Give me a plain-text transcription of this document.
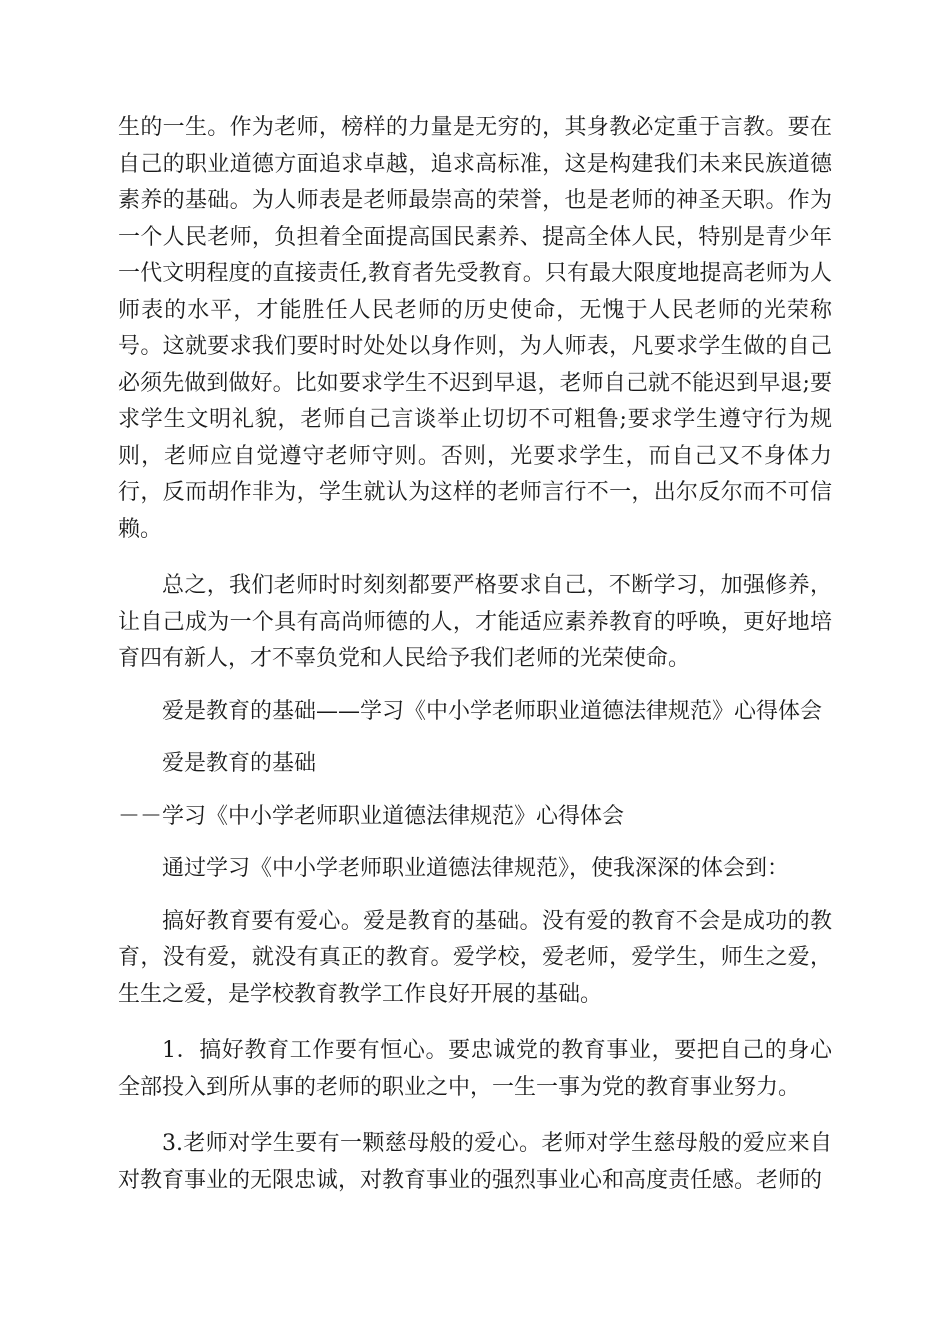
生的一生。作为老师，榜样的力量是无穷的，其身教必定重于言教。要在自己的职业道德方面追求卓越，追求高标准，这是构建我们未来民族道德素养的基础。为人师表是老师最崇高的荣誉，也是老师的神圣天职。作为一个人民老师，负担着全面提高国民素养、提高全体人民，特别是青少年一代文明程度的直接责任,教育者先受教育。只有最大限度地提高老师为人师表的水平，才能胜任人民老师的历史使命，无愧于人民老师的光荣称号。这就要求我们要时时处处以身作则，为人师表，凡要求学生做的自己必须先做到做好。比如要求学生不迟到早退，老师自己就不能迟到早退;要求学生文明礼貌，老师自己言谈举止切切不可粗鲁;要求学生遵守行为规则，老师应自觉遵守老师守则。否则，光要求学生，而自己又不身体力行，反而胡作非为，学生就认为这样的老师言行不一，出尔反尔而不可信赖。

总之，我们老师时时刻刻都要严格要求自己，不断学习，加强修养，让自己成为一个具有高尚师德的人，才能适应素养教育的呼唤，更好地培育四有新人，才不辜负党和人民给予我们老师的光荣使命。

爱是教育的基础——学习《中小学老师职业道德法律规范》心得体会

爱是教育的基础

－－学习《中小学老师职业道德法律规范》心得体会

通过学习《中小学老师职业道德法律规范》，使我深深的体会到：

搞好教育要有爱心。爱是教育的基础。没有爱的教育不会是成功的教育，没有爱，就没有真正的教育。爱学校，爱老师，爱学生，师生之爱，生生之爱，是学校教育教学工作良好开展的基础。

1．搞好教育工作要有恒心。要忠诚党的教育事业，要把自己的身心全部投入到所从事的老师的职业之中，一生一事为党的教育事业努力。

3.老师对学生要有一颗慈母般的爱心。老师对学生慈母般的爱应来自对教育事业的无限忠诚，对教育事业的强烈事业心和高度责任感。老师的
